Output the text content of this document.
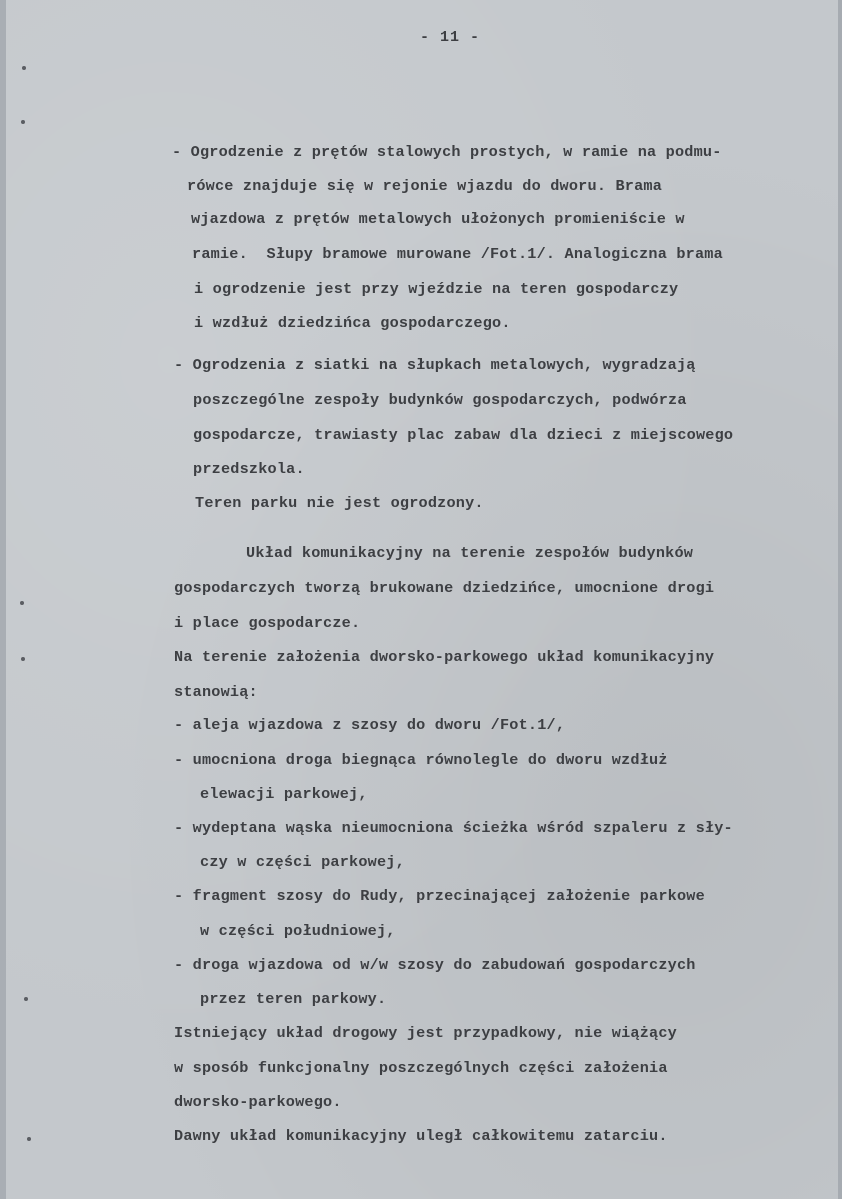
- 11 -
- Ogrodzenie z prętów stalowych prostych, w ramie na podmu-
rówce znajduje się w rejonie wjazdu do dworu. Brama
wjazdowa z prętów metalowych ułożonych promieniście w
ramie.  Słupy bramowe murowane /Fot.1/. Analogiczna brama
i ogrodzenie jest przy wjeździe na teren gospodarczy
i wzdłuż dziedzińca gospodarczego.
- Ogrodzenia z siatki na słupkach metalowych, wygradzają
poszczególne zespoły budynków gospodarczych, podwórza
gospodarcze, trawiasty plac zabaw dla dzieci z miejscowego
przedszkola.
Teren parku nie jest ogrodzony.
Układ komunikacyjny na terenie zespołów budynków
gospodarczych tworzą brukowane dziedzińce, umocnione drogi
i place gospodarcze.
Na terenie założenia dworsko-parkowego układ komunikacyjny
stanowią:
- aleja wjazdowa z szosy do dworu /Fot.1/,
- umocniona droga biegnąca równolegle do dworu wzdłuż
elewacji parkowej,
- wydeptana wąska nieumocniona ścieżka wśród szpaleru z sły-
czy w części parkowej,
- fragment szosy do Rudy, przecinającej założenie parkowe
w części południowej,
- droga wjazdowa od w/w szosy do zabudowań gospodarczych
przez teren parkowy.
Istniejący układ drogowy jest przypadkowy, nie wiążący
w sposób funkcjonalny poszczególnych części założenia
dworsko-parkowego.
Dawny układ komunikacyjny uległ całkowitemu zatarciu.
